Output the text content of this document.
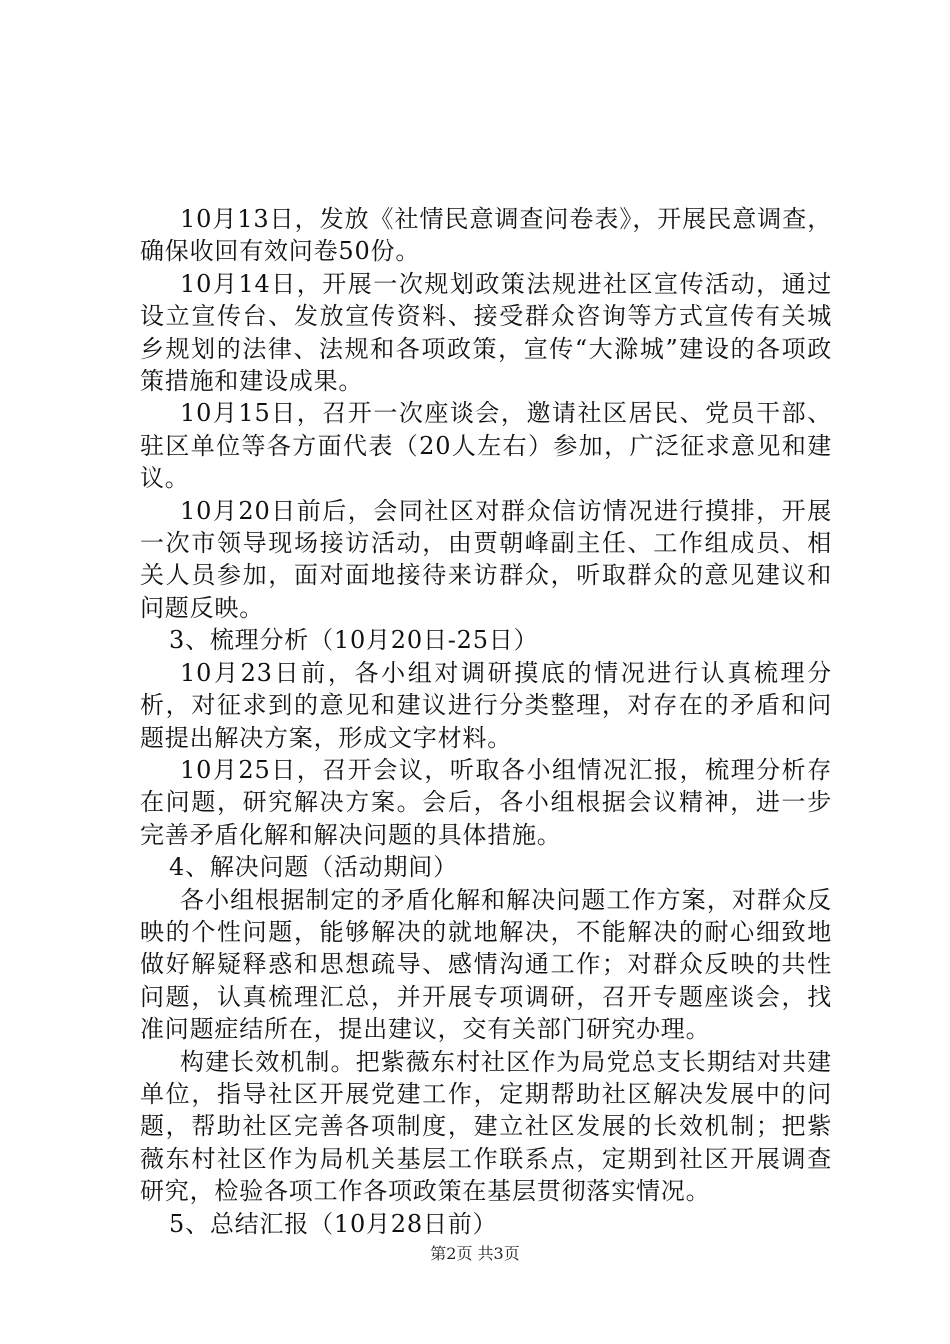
10月13日，发放《社情民意调查问卷表》，开展民意调查，确保收回有效问卷50份。

10月14日，开展一次规划政策法规进社区宣传活动，通过设立宣传台、发放宣传资料、接受群众咨询等方式宣传有关城乡规划的法律、法规和各项政策，宣传“大滁城”建设的各项政策措施和建设成果。

10月15日，召开一次座谈会，邀请社区居民、党员干部、驻区单位等各方面代表（20人左右）参加，广泛征求意见和建议。

10月20日前后，会同社区对群众信访情况进行摸排，开展一次市领导现场接访活动，由贾朝峰副主任、工作组成员、相关人员参加，面对面地接待来访群众，听取群众的意见建议和问题反映。

3、梳理分析（10月20日-25日）

10月23日前，各小组对调研摸底的情况进行认真梳理分析，对征求到的意见和建议进行分类整理，对存在的矛盾和问题提出解决方案，形成文字材料。

10月25日，召开会议，听取各小组情况汇报，梳理分析存在问题，研究解决方案。会后，各小组根据会议精神，进一步完善矛盾化解和解决问题的具体措施。

4、解决问题（活动期间）

各小组根据制定的矛盾化解和解决问题工作方案，对群众反映的个性问题，能够解决的就地解决，不能解决的耐心细致地做好解疑释惑和思想疏导、感情沟通工作；对群众反映的共性问题，认真梳理汇总，并开展专项调研，召开专题座谈会，找准问题症结所在，提出建议，交有关部门研究办理。

构建长效机制。把紫薇东村社区作为局党总支长期结对共建单位，指导社区开展党建工作，定期帮助社区解决发展中的问题，帮助社区完善各项制度，建立社区发展的长效机制；把紫薇东村社区作为局机关基层工作联系点，定期到社区开展调查研究，检验各项工作各项政策在基层贯彻落实情况。

5、总结汇报（10月28日前）

第2页 共3页
